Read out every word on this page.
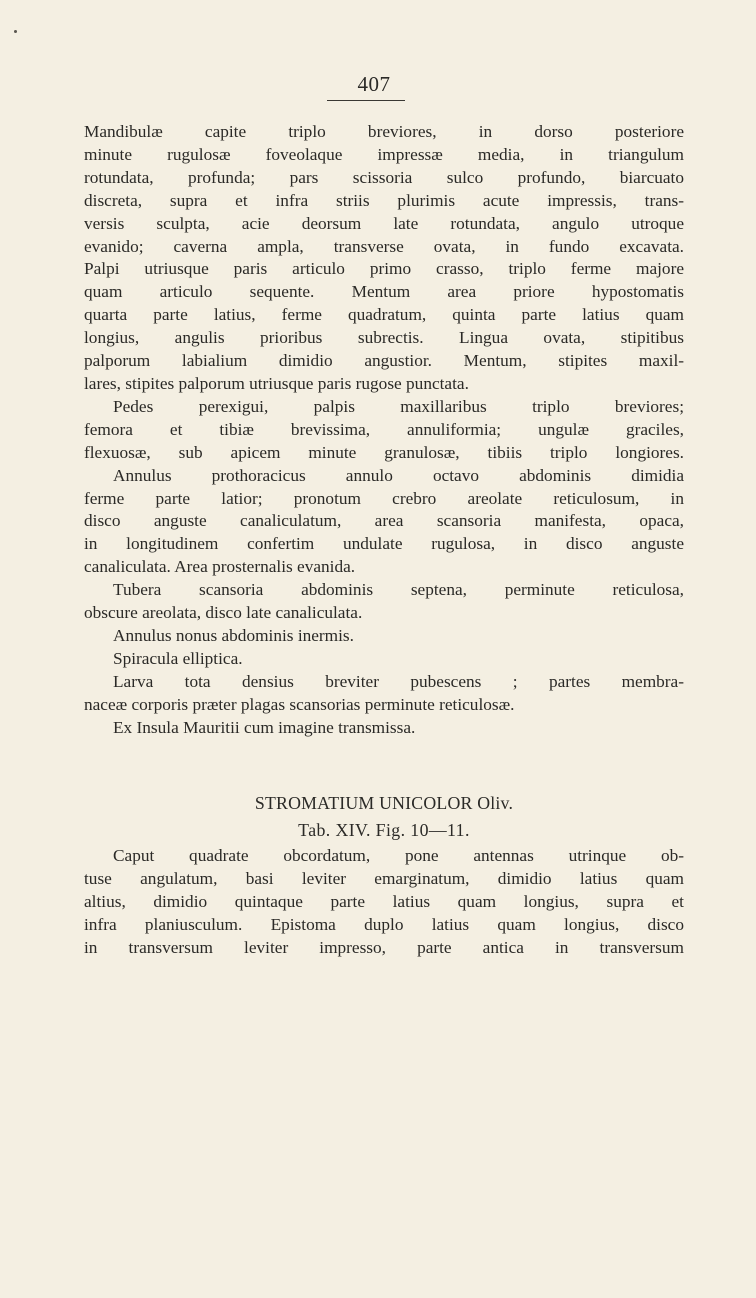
407
Mandibulæ capite triplo breviores, in dorso posteriore
minute rugulosæ foveolaque impressæ media, in triangulum
rotundata, profunda; pars scissoria sulco profundo, biarcuato
discreta, supra et infra striis plurimis acute impressis, trans-
versis sculpta, acie deorsum late rotundata, angulo utroque
evanido; caverna ampla, transverse ovata, in fundo excavata.
Palpi utriusque paris articulo primo crasso, triplo ferme majore
quam articulo sequente. Mentum area priore hypostomatis
quarta parte latius, ferme quadratum, quinta parte latius quam
longius, angulis prioribus subrectis. Lingua ovata, stipitibus
palporum labialium dimidio angustior. Mentum, stipites maxil-
lares, stipites palporum utriusque paris rugose punctata.
Pedes perexigui, palpis maxillaribus triplo breviores;
femora et tibiæ brevissima, annuliformia; ungulæ graciles,
flexuosæ, sub apicem minute granulosæ, tibiis triplo longiores.
Annulus prothoracicus annulo octavo abdominis dimidia
ferme parte latior; pronotum crebro areolate reticulosum, in
disco anguste canaliculatum, area scansoria manifesta, opaca,
in longitudinem confertim undulate rugulosa, in disco anguste
canaliculata. Area prosternalis evanida.
Tubera scansoria abdominis septena, perminute reticulosa,
obscure areolata, disco late canaliculata.
Annulus nonus abdominis inermis.
Spiracula elliptica.
Larva tota densius breviter pubescens ; partes membra-
naceæ corporis præter plagas scansorias perminute reticulosæ.
Ex Insula Mauritii cum imagine transmissa.
STROMATIUM UNICOLOR Oliv.
Tab. XIV. Fig. 10—11.
Caput quadrate obcordatum, pone antennas utrinque ob-
tuse angulatum, basi leviter emarginatum, dimidio latius quam
altius, dimidio quintaque parte latius quam longius, supra et
infra planiusculum. Epistoma duplo latius quam longius, disco
in transversum leviter impresso, parte antica in transversum
